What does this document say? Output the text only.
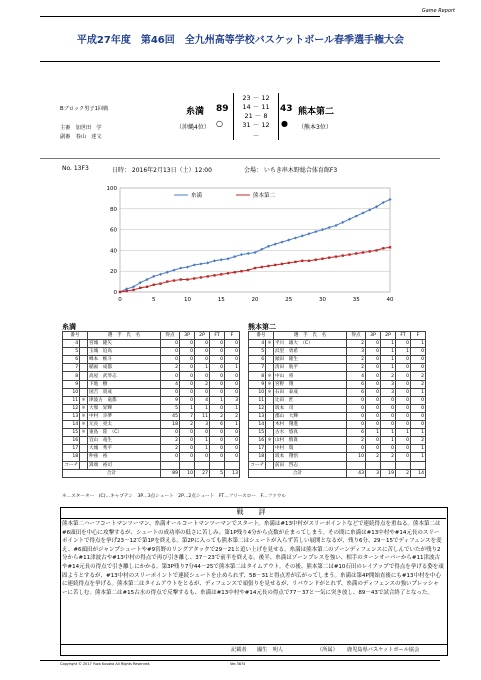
Game Report
平成27年度　第46回　全九州高等学校バスケットボール春季選手権大会
Bブロック男子1回戦
主審　 加世田　学
副審　 春山　達文
糸満 89	43 熊本第二
（沖縄4位） ○	● （熊本3位）
23 － 12
14 － 11
21 － 8
31 － 12
－
No. 13F3	日時： 2016年2月13日（土）12:00	会場： いちき串木野総合体育館F3
0
20
40
60
80
100
0	5	10	15	20	25	30	35	40
糸満	熊本第二
糸満	熊本第二
番号		選　手　氏　名	得点	3P	2P	FT	F
4		宮城　隆矢	0	0	0	0	0
5		玉城　迫高	0	0	0	0	0
6		峰本　椎斗	0	0	0	0	0
7		稲福　成都	2	0	1	0	1
8		高屋　武琴志	0	0	0	0	0
9		下地　樹	4	0	2	0	0
10		国吉　貴成	0	0	0	0	0
11	＊	津波古　竜都	9	0	4	1	3
12	＊	大嶺　昇輝	5	1	1	0	1
13	＊	中村　歩夢	45	7	11	2	2
14	＊	元長　亮太	18	2	3	6	1
15	＊	東島　陸　（C）	0	0	0	0	0
16		宜山　竜生	2	0	1	0	0
17		大城　秀平	2	0	1	0	0
18		仲座　裕	0	0	0	0	0
コーチ		嵩端　裕司					
合計			89	10	27	5	13
番号		選　手　氏　名	得点	3P	2P	FT	F
4	＊	平川　雄大　（C）	2	0	1	0	1
5		浜里　勇希	3	0	1	1	0
6		頭田　隆生	2	0	1	0	0
7		清田　航平	2	0	1	0	0
8	＊	中山　将	4	0	2	0	2
9	＊	宮野　翔	6	0	3	0	2
10	＊	石田　泰成	6	0	3	0	1
11		辻田　匠	0	0	0	0	0
12		坂本　司	0	0	0	0	0
13		郡山　大輝	0	0	0	0	0
14		木村　翔進	0	0	0	0	0
15		古水　悠真	6	1	1	1	1
16	＊	山村　慎貴	2	0	1	0	2
17		中村　瑞	0	0	0	0	1
18		坂本　翔悟	10	2	2	0	1
コーチ		前田　啓志					
合計			43	3	19	2	14
＊…スターター　(C)…キャプテン　3P…3点シュート　2P…2点シュート　FT…フリースロー　F…ファウル
戦　評
熊本第二ハーフコートマンツーマン、糸満オールコートマンツーマンでスタート。糸満は#13中村がスリーポイントなどで連続得点を重ねる。熊本第二は#6頭田を中心に攻撃するが、シュートの成功率の低さに苦しみ、第1P残り4分から点数が止まってしまう。その間に糸満は#13中村や#14元長のスリーポイントで得点を挙げ23－12で第1Pを終える。第2Pに入っても熊本第二はシュートが入らず苦しい展開となるが、残り6分、29－15でディフェンスを変え、#6頭田がジャンプシュートや#9宮野のリングアタックで29－21と追い上げを見せる。糸満は熊本第二のゾーンディフェンスに苦しんでいたが残り2分から#11津波古や#13中村の得点で再び引き離し、37－23で前半を終える。後半、糸満はゾーンプレスを強い、相手のターンオーバーから#11津波古や#14元長の得点で引き離しにかかる。第3P残り7分44－25で熊本第二はタイムアウト。その後、熊本第二は#10石田のレイアップで得点を挙げる姿を頑固ようとするが、#13中村のスリーポイントで連続シュートを止められず、58－31と得点差が広がってしまう。糸満は第4P開始直後にも#13中村を中心に連続得点を挙げる。熊本第二はタイムアウトをとるが、ディフェンスで頑張りを見せるが、リバウンドがとれず、糸満のディフェンスの強いプレッシャーに苦しむ。熊本第二は#15古水の得点で反撃するも、糸満は#13中村や#14元長の得点で77－37と一気に突き放し、89－43で試合終了となった。
記載者 國生　明人	（所属） 鹿児島県バスケットボール協会
Copyright © 2017 Yuza Kusaka All Rights Reserved.	Ver.3874
